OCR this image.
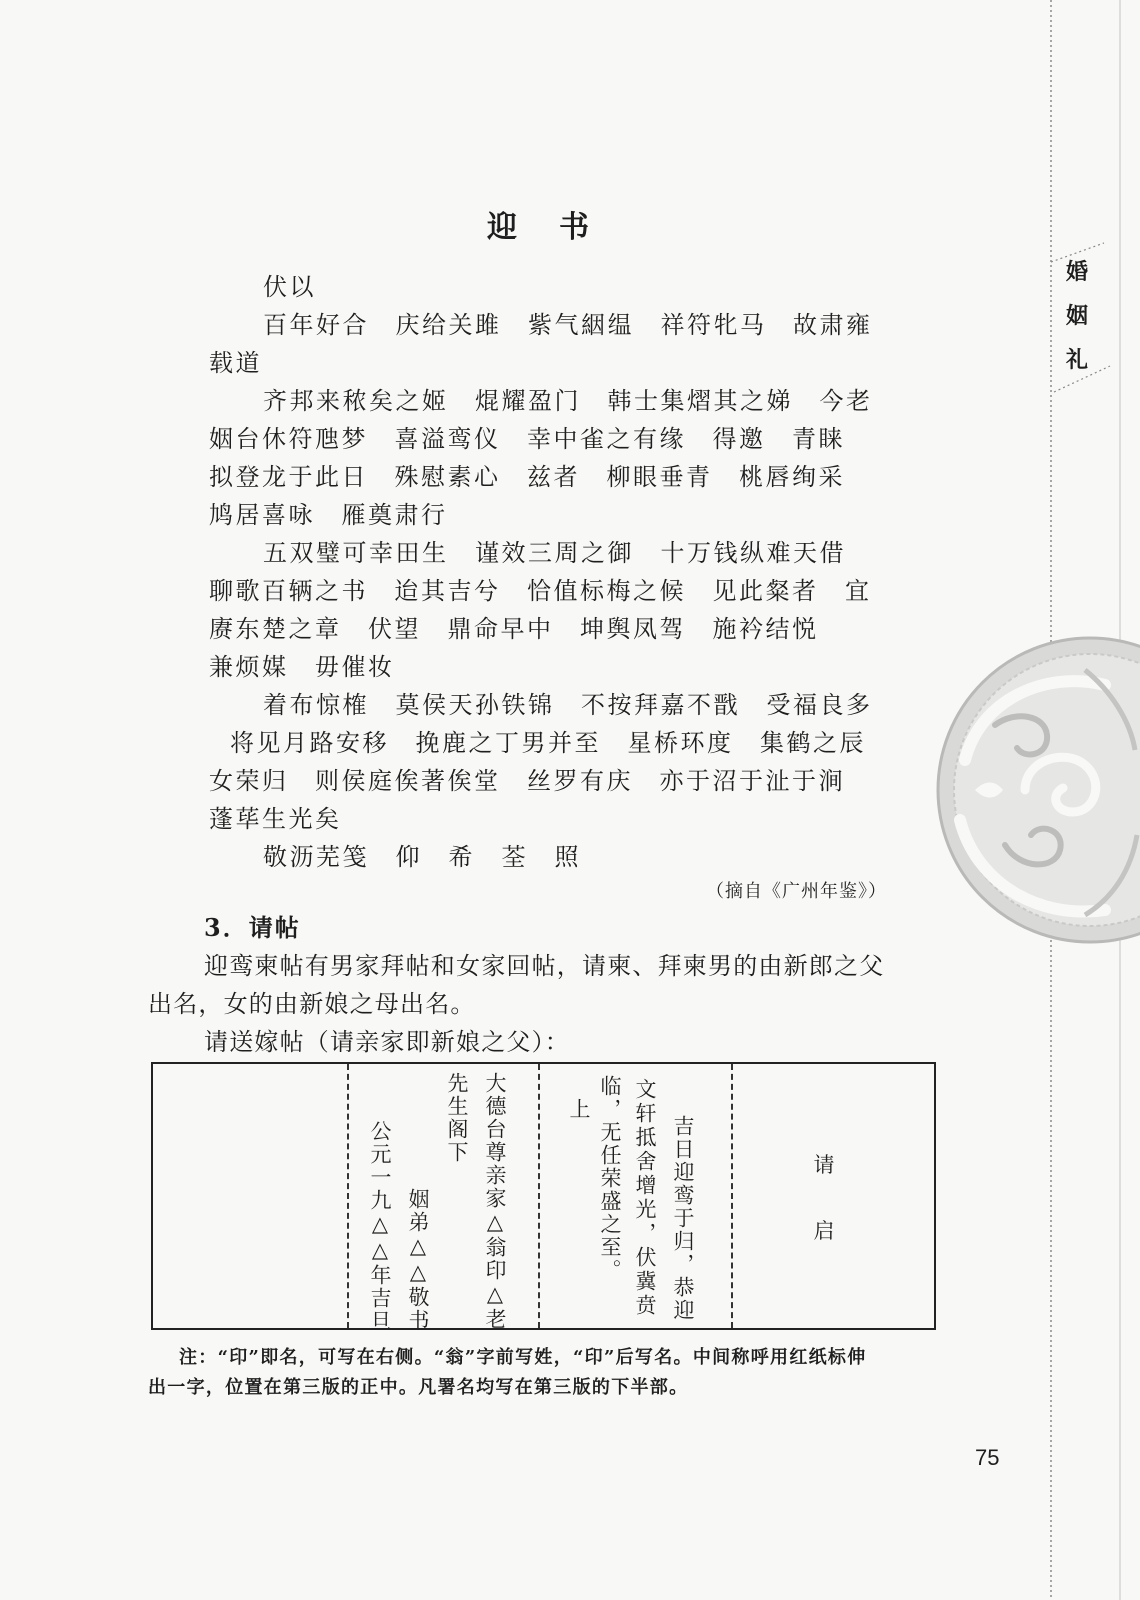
婚
姻
礼
迎　书
伏以
百年好合　庆给关雎　紫气絪缊　祥符牝马　故肃雍
载道
齐邦来秾矣之姬　焜耀盈门　韩士集熠其之娣　今老
姻台休符虺梦　喜溢鸾仪　幸中雀之有缘　得邀　青睐
拟登龙于此日　殊慰素心　兹者　柳眼垂青　桃唇绚采
鸠居喜咏　雁奠肃行
五双璧可幸田生　谨效三周之御　十万钱纵难天借
聊歌百辆之书　迨其吉兮　恰值标梅之候　见此粲者　宜
赓东楚之章　伏望　鼎命早中　坤舆凤驾　施衿结悦
兼烦媒　毋催妆
着布惊榷　莫侯天孙铁锦　不按拜嘉不戬　受福良多
将见月路安移　挽鹿之丁男并至　星桥环度　集鹤之辰
女荣归　则侯庭俟著俟堂　丝罗有庆　亦于沼于沚于涧
蓬荜生光矣
敬沥芜笺　仰　希　荃　照
（摘自《广州年鉴》）
3．请帖
迎鸾柬帖有男家拜帖和女家回帖，请柬、拜柬男的由新郎之父
出名，女的由新娘之母出名。
请送嫁帖（请亲家即新娘之父）：
大德台尊亲家△翁印△老
先生阁下
姻弟△△敬书
公元一九△△年吉旦	吉日迎鸾于归，恭迎
文轩抵舍增光，伏冀贲
临，无任荣盛之至。
上
请
启
注：“印”即名，可写在右侧。“翁”字前写姓，“印”后写名。中间称呼用红纸标伸
出一字，位置在第三版的正中。凡署名均写在第三版的下半部。
75
